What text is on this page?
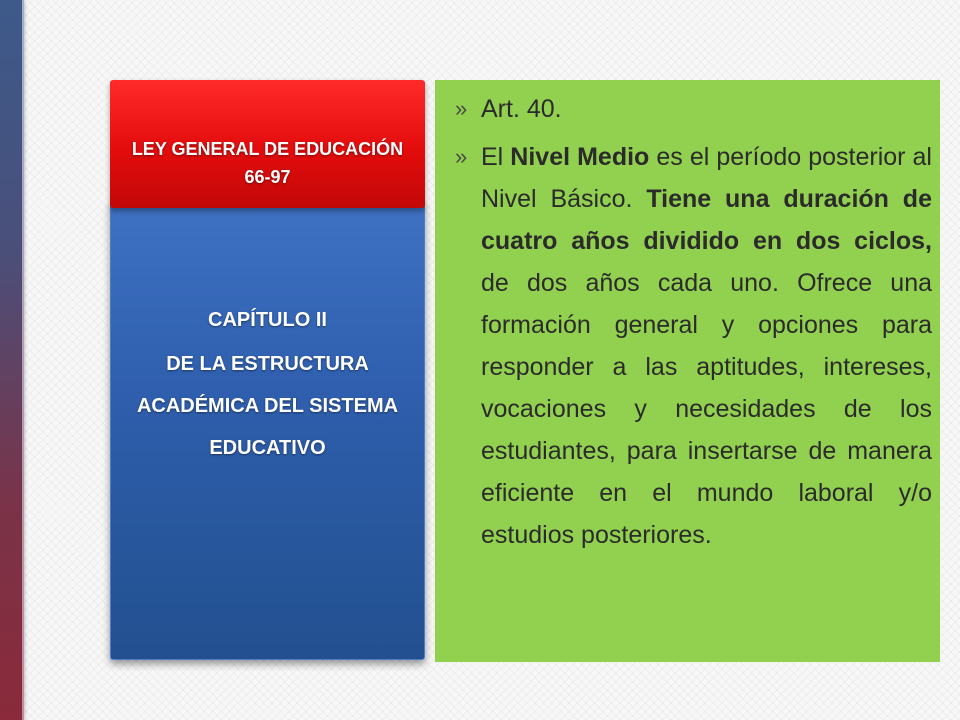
CAPÍTULO II
DE LA ESTRUCTURA ACADÉMICA DEL SISTEMA EDUCATIVO
LEY GENERAL DE EDUCACIÓN 66-97
» Art. 40.
» El Nivel Medio es el período posterior al Nivel Básico. Tiene una duración de cuatro años dividido en dos ciclos, de dos años cada uno. Ofrece una formación general y opciones para responder a las aptitudes, intereses, vocaciones y necesidades de los estudiantes, para insertarse de manera eficiente en el mundo laboral y/o estudios posteriores.
